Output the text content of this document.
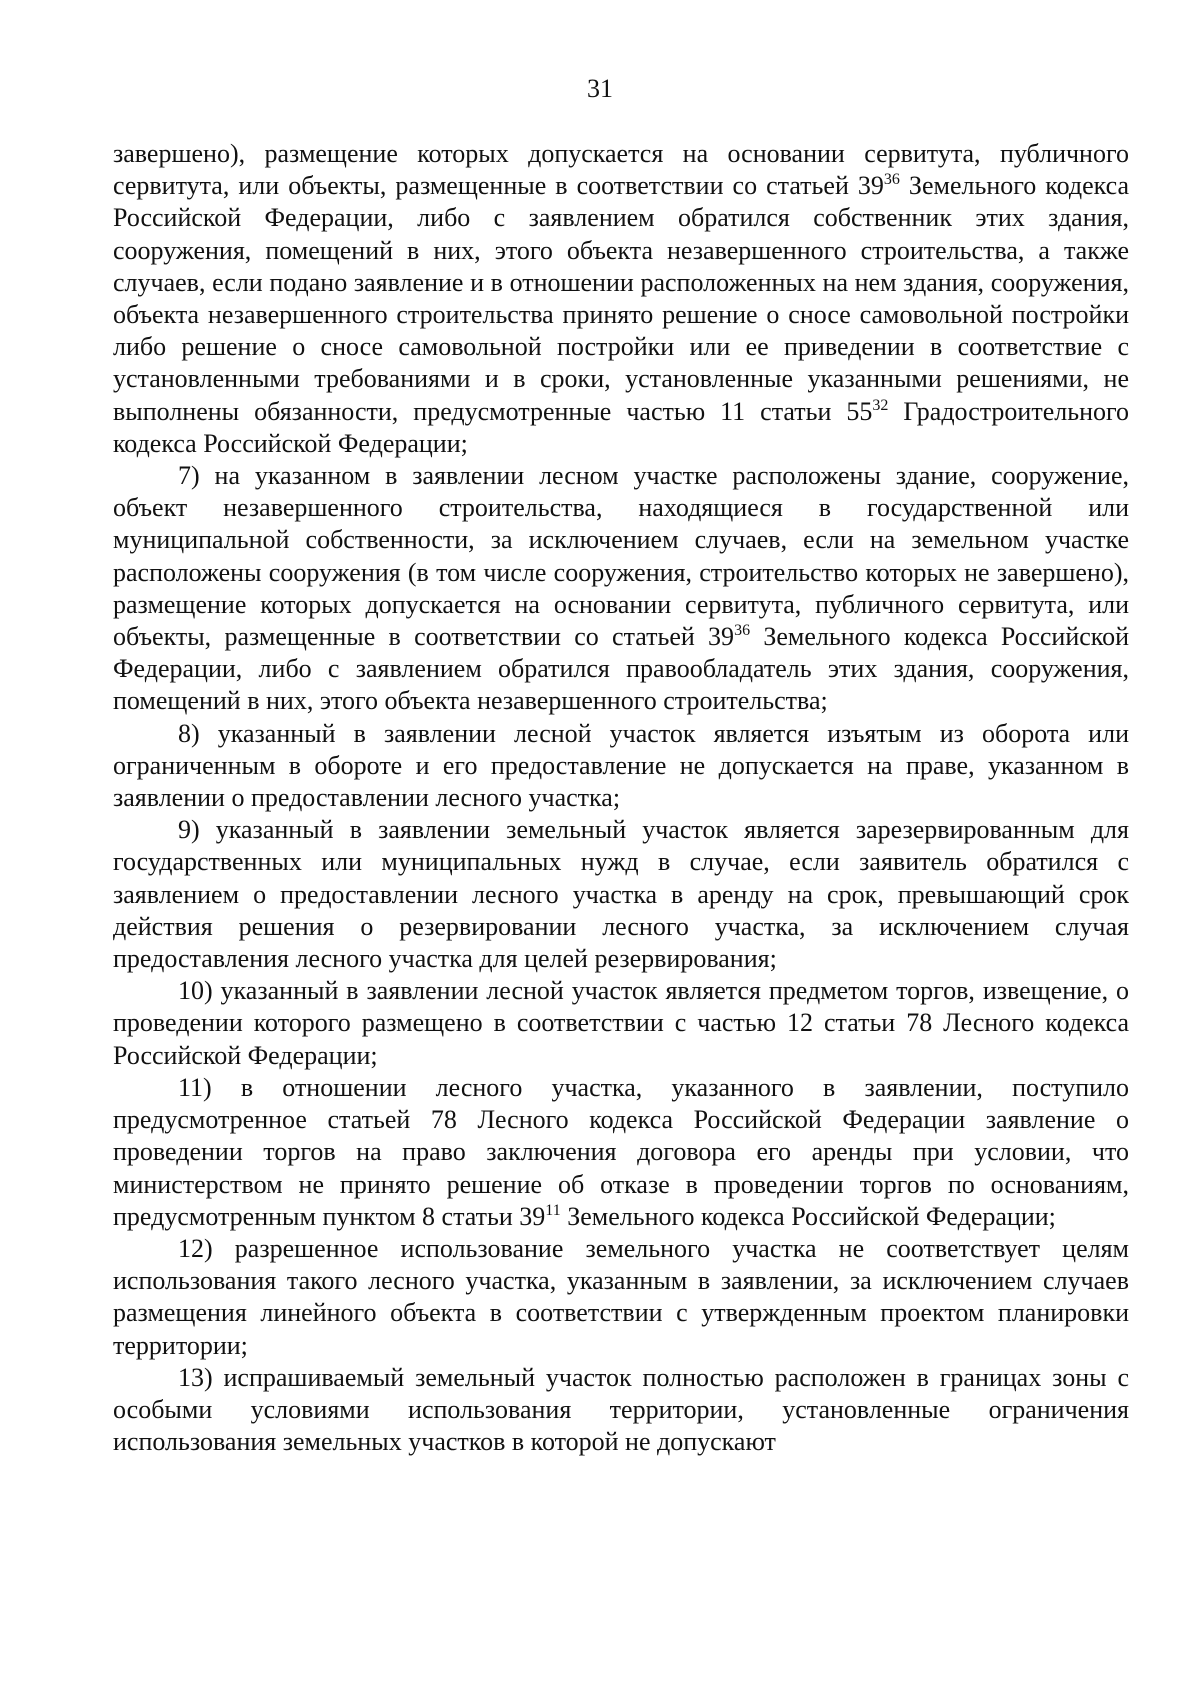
31

завершено), размещение которых допускается на основании сервитута, публичного сервитута, или объекты, размещенные в соответствии со статьей $39^{36}$ Земельного кодекса Российской Федерации, либо с заявлением обратился собственник этих здания, сооружения, помещений в них, этого объекта незавершенного строительства, а также случаев, если подано заявление и в отношении расположенных на нем здания, сооружения, объекта незавершенного строительства принято решение о сносе самовольной постройки либо решение о сносе самовольной постройки или ее приведении в соответствие с установленными требованиями и в сроки, установленные указанными решениями, не выполнены обязанности, предусмотренные частью 11 статьи $55^{32}$ Градостроительного кодекса Российской Федерации;

7) на указанном в заявлении лесном участке расположены здание, сооружение, объект незавершенного строительства, находящиеся в государственной или муниципальной собственности, за исключением случаев, если на земельном участке расположены сооружения (в том числе сооружения, строительство которых не завершено), размещение которых допускается на основании сервитута, публичного сервитута, или объекты, размещенные в соответствии со статьей $39^{36}$ Земельного кодекса Российской Федерации, либо с заявлением обратился правообладатель этих здания, сооружения, помещений в них, этого объекта незавершенного строительства;

8) указанный в заявлении лесной участок является изъятым из оборота или ограниченным в обороте и его предоставление не допускается на праве, указанном в заявлении о предоставлении лесного участка;

9) указанный в заявлении земельный участок является зарезервированным для государственных или муниципальных нужд в случае, если заявитель обратился с заявлением о предоставлении лесного участка в аренду на срок, превышающий срок действия решения о резервировании лесного участка, за исключением случая предоставления лесного участка для целей резервирования;

10) указанный в заявлении лесной участок является предметом торгов, извещение, о проведении которого размещено в соответствии с частью 12 статьи 78 Лесного кодекса Российской Федерации;

11) в отношении лесного участка, указанного в заявлении, поступило предусмотренное статьей 78 Лесного кодекса Российской Федерации заявление о проведении торгов на право заключения договора его аренды при условии, что министерством не принято решение об отказе в проведении торгов по основаниям, предусмотренным пунктом 8 статьи $39^{11}$ Земельного кодекса Российской Федерации;

12) разрешенное использование земельного участка не соответствует целям использования такого лесного участка, указанным в заявлении, за исключением случаев размещения линейного объекта в соответствии с утвержденным проектом планировки территории;

13) испрашиваемый земельный участок полностью расположен в границах зоны с особыми условиями использования территории, установленные ограничения использования земельных участков в которой не допускают
